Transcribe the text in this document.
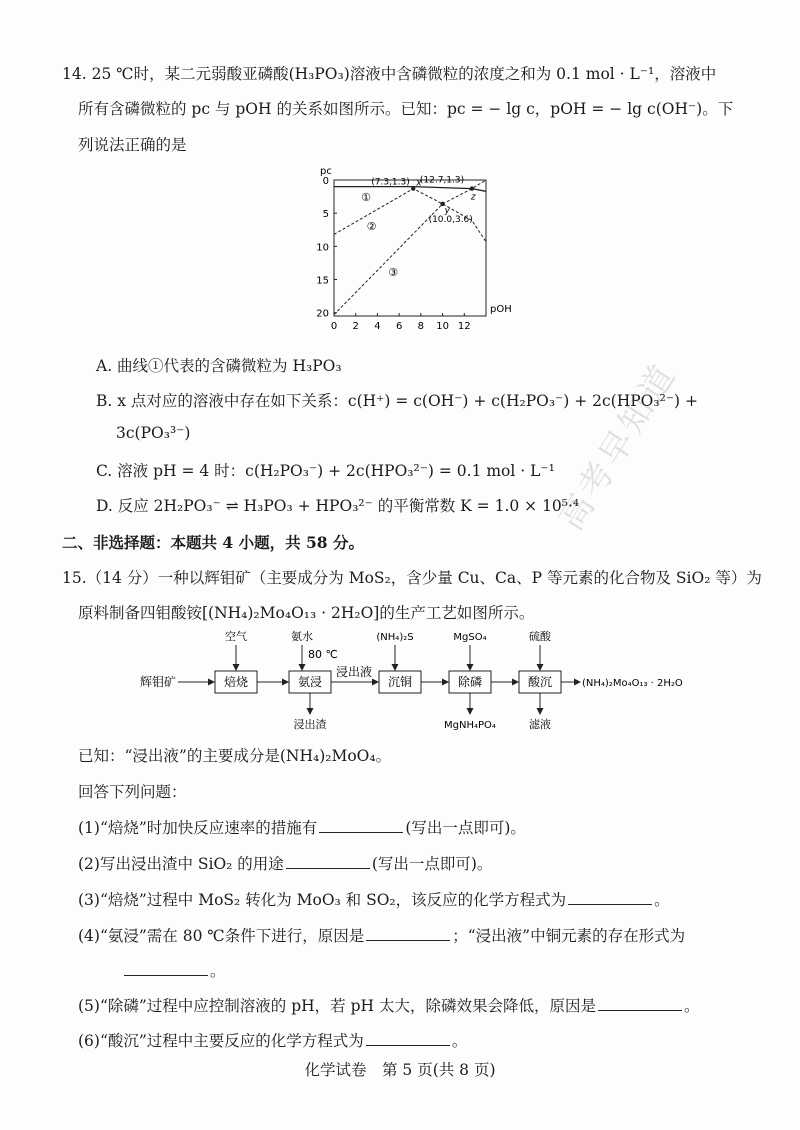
高考早知道
14. 25 ℃时，某二元弱酸亚磷酸(H₃PO₃)溶液中含磷微粒的浓度之和为 0.1 mol · L⁻¹，溶液中
所有含磷微粒的 pc 与 pOH 的关系如图所示。已知：pc = − lg c，pOH = − lg c(OH⁻)。下
列说法正确的是
pc
pOH
0 2 4 6 8 10 12
0
5
10
15
20
①
②
③
x
(7.3,1.3)
y
(10.0,3.6)
z
(12.7,1.3)
A. 曲线①代表的含磷微粒为 H₃PO₃
B. x 点对应的溶液中存在如下关系：c(H⁺) = c(OH⁻) + c(H₂PO₃⁻) + 2c(HPO₃²⁻) +
3c(PO₃³⁻)
C. 溶液 pH = 4 时：c(H₂PO₃⁻) + 2c(HPO₃²⁻) = 0.1 mol · L⁻¹
D. 反应 2H₂PO₃⁻ ⇌ H₃PO₃ + HPO₃²⁻ 的平衡常数 K = 1.0 × 10⁵·⁴
二、非选择题：本题共 4 小题，共 58 分。
15.（14 分）一种以辉钼矿（主要成分为 MoS₂，含少量 Cu、Ca、P 等元素的化合物及 SiO₂ 等）为
原料制备四钼酸铵[(NH₄)₂Mo₄O₁₃ · 2H₂O]的生产工艺如图所示。
辉钼矿	焙烧	氨浸
浸出液
沉铜	除磷	酸沉	(NH₄)₂Mo₄O₁₃ · 2H₂O
空气	氨水
80 ℃
(NH₄)₂S	MgSO₄	硫酸
浸出渣	MgNH₄PO₄	滤液
已知：“浸出液”的主要成分是(NH₄)₂MoO₄。
回答下列问题：
(1)“焙烧”时加快反应速率的措施有	(写出一点即可)。
(2)写出浸出渣中 SiO₂ 的用途	(写出一点即可)。
(3)“焙烧”过程中 MoS₂ 转化为 MoO₃ 和 SO₂，该反应的化学方程式为	。
(4)“氨浸”需在 80 ℃条件下进行，原因是	；“浸出液”中铜元素的存在形式为
。
(5)“除磷”过程中应控制溶液的 pH，若 pH 太大，除磷效果会降低，原因是	。
(6)“酸沉”过程中主要反应的化学方程式为	。
化学试卷　第 5 页(共 8 页)
